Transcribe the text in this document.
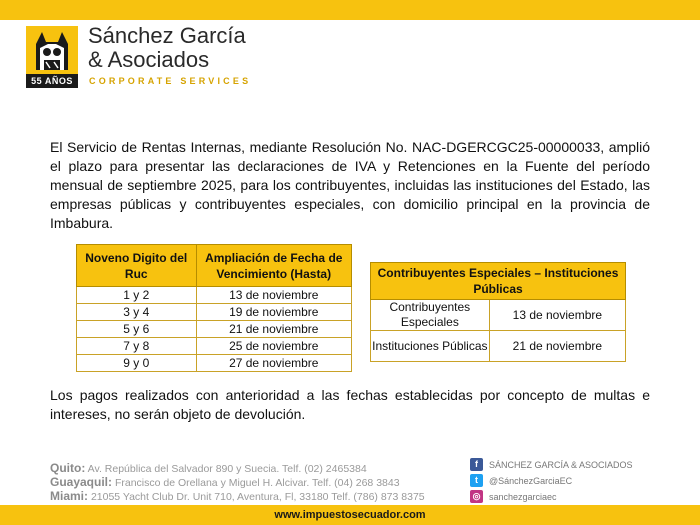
55 AÑOS
Sánchez García
& Asociados
CORPORATE SERVICES

El Servicio de Rentas Internas, mediante Resolución No. NAC-DGERCGC25-00000033, amplió el plazo para presentar las declaraciones de IVA y Retenciones en la Fuente del período mensual de septiembre 2025, para los contribuyentes, incluidas las instituciones del Estado, las empresas públicas y contribuyentes especiales, con domicilio principal en la provincia de Imbabura.

Noveno Digito del Ruc	Ampliación de Fecha de Vencimiento (Hasta)
1 y 2	13 de noviembre
3 y 4	19 de noviembre
5 y 6	21 de noviembre
7 y 8	25 de noviembre
9 y 0	27 de noviembre
Contribuyentes Especiales – Instituciones Públicas	
Contribuyentes Especiales	13 de noviembre
Instituciones Públicas	21 de noviembre

Los pagos realizados con anterioridad a las fechas establecidas por concepto de multas e intereses, no serán objeto de devolución.

Quito: Av. República del Salvador 890 y Suecia. Telf. (02) 2465384
Guayaquil: Francisco de Orellana y Miguel H. Alcivar. Telf. (04) 268 3843
Miami: 21055 Yacht Club Dr. Unit 710, Aventura, Fl, 33180 Telf. (786) 873 8375
f	SÁNCHEZ GARCÍA & ASOCIADOS
t	@SánchezGarciaEC
◎ sanchezgarciaec
www.impuestosecuador.com
